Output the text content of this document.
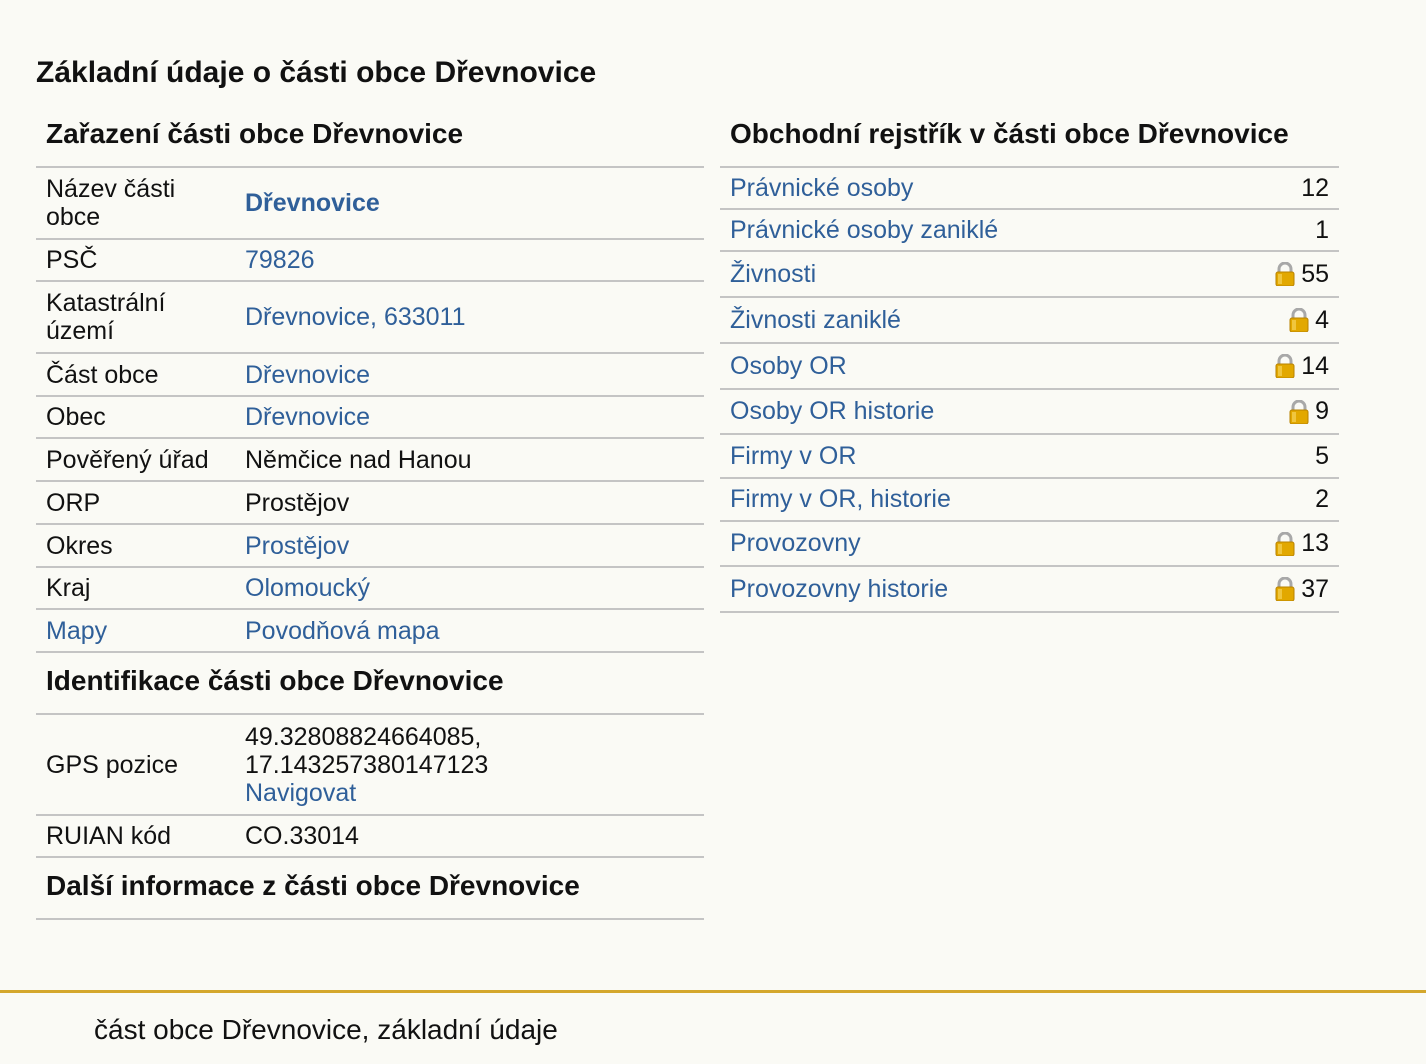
Základní údaje o části obce Dřevnovice
Zařazení části obce Dřevnovice
Název části obce	Dřevnovice
PSČ	79826
Katastrální území	Dřevnovice, 633011
Část obce	Dřevnovice
Obec	Dřevnovice
Pověřený úřad	Němčice nad Hanou
ORP	Prostějov
Okres	Prostějov
Kraj	Olomoucký
Mapy	Povodňová mapa
Identifikace části obce Dřevnovice
GPS pozice	49.32808824664085,
17.143257380147123
Navigovat
RUIAN kód	CO.33014
Další informace z části obce Dřevnovice
Obchodní rejstřík v části obce Dřevnovice
Právnické osoby	12
Právnické osoby zaniklé	1
Živnosti	55
Živnosti zaniklé	4
Osoby OR	14
Osoby OR historie	9
Firmy v OR	5
Firmy v OR, historie	2
Provozovny	13
Provozovny historie	37
část obce Dřevnovice, základní údaje
